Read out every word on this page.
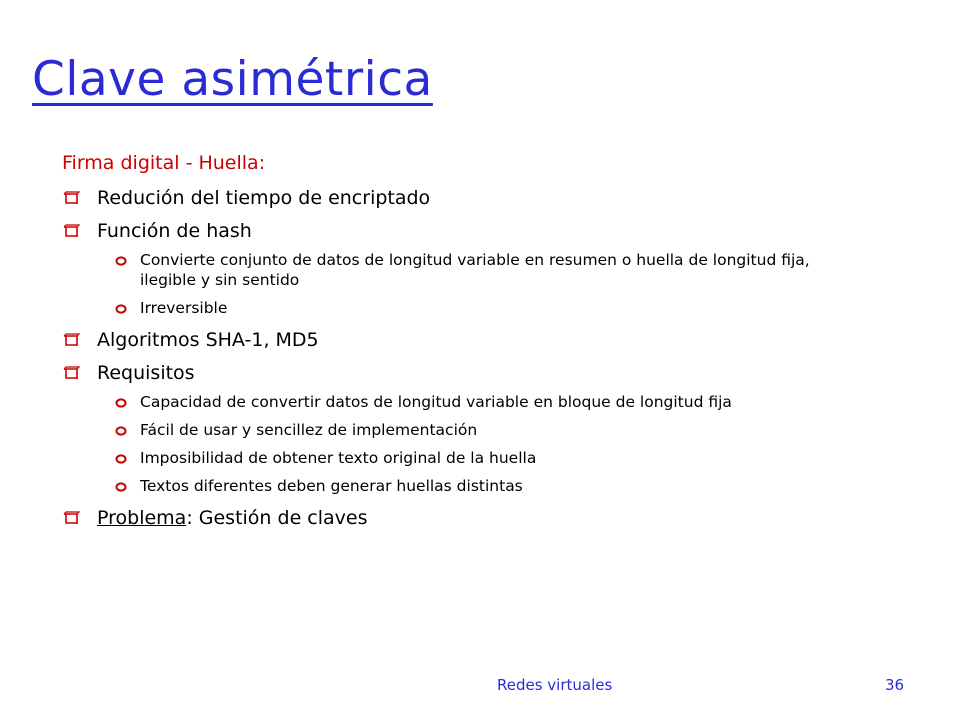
Clave asimétrica
Firma digital - Huella:
Redución del tiempo de encriptado
Función de hash
Convierte conjunto de datos de longitud variable en resumen o huella de longitud fija, ilegible y sin sentido
Irreversible
Algoritmos SHA-1, MD5
Requisitos
Capacidad de convertir datos de longitud variable en bloque de longitud fija
Fácil de usar y sencillez de implementación
Imposibilidad de obtener texto original de la huella
Textos diferentes deben generar huellas distintas
Problema: Gestión de claves
Redes virtuales	36
